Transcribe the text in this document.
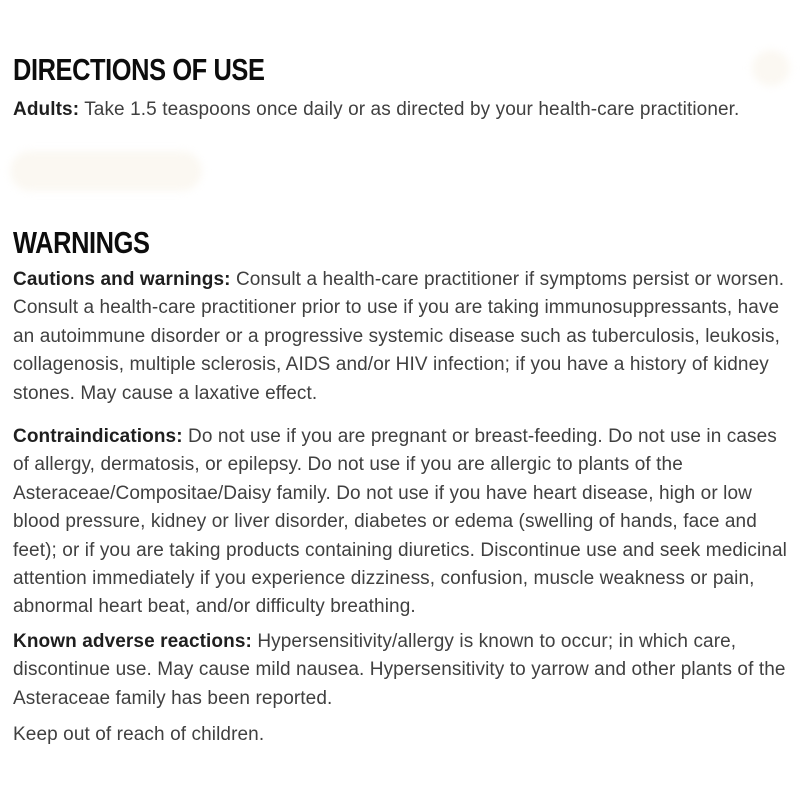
DIRECTIONS OF USE

Adults: Take 1.5 teaspoons once daily or as directed by your health-care practitioner.

WARNINGS

Cautions and warnings: Consult a health-care practitioner if symptoms persist or worsen. Consult a health-care practitioner prior to use if you are taking immunosuppressants, have an autoimmune disorder or a progressive systemic disease such as tuberculosis, leukosis, collagenosis, multiple sclerosis, AIDS and/or HIV infection; if you have a history of kidney stones. May cause a laxative effect.

Contraindications: Do not use if you are pregnant or breast-feeding. Do not use in cases of allergy, dermatosis, or epilepsy. Do not use if you are allergic to plants of the Asteraceae/Compositae/Daisy family. Do not use if you have heart disease, high or low blood pressure, kidney or liver disorder, diabetes or edema (swelling of hands, face and feet); or if you are taking products containing diuretics. Discontinue use and seek medicinal attention immediately if you experience dizziness, confusion, muscle weakness or pain, abnormal heart beat, and/or difficulty breathing.

Known adverse reactions: Hypersensitivity/allergy is known to occur; in which care, discontinue use. May cause mild nausea. Hypersensitivity to yarrow and other plants of the Asteraceae family has been reported.

Keep out of reach of children.
